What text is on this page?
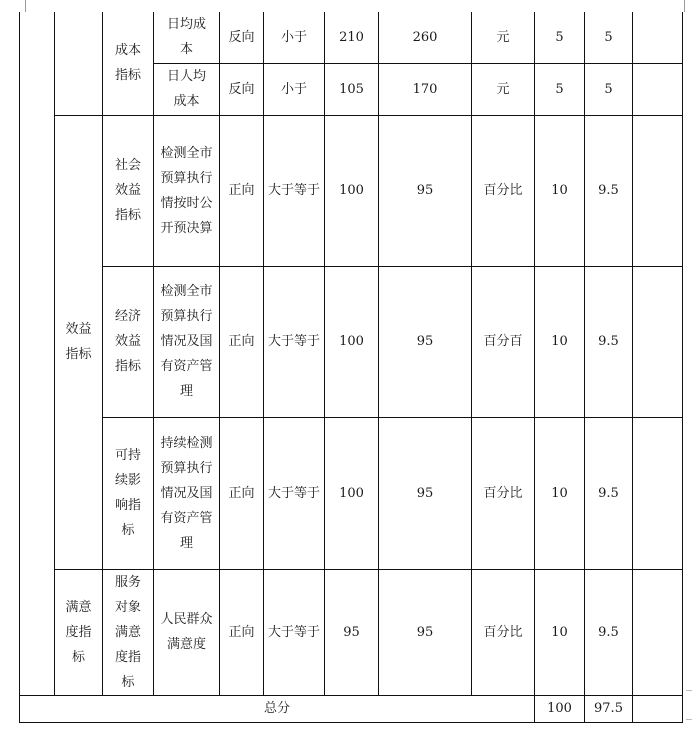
		成本指标	日均成本	反向	小于	210	260	元	5	5	
			日人均成本	反向	小于	105	170	元	5	5	
	效益指标	社会效益指标	检测全市预算执行情按时公开预决算	正向	大于等于	100	95	百分比	10	9.5	
		经济效益指标	检测全市预算执行情况及国有资产管理	正向	大于等于	100	95	百分百	10	9.5	
		可持续影响指标	持续检测预算执行情况及国有资产管理	正向	大于等于	100	95	百分比	10	9.5	
	满意度指标	服务对象满意度指标	人民群众满意度	正向	大于等于	95	95	百分比	10	9.5	
总分									100	97.5	
